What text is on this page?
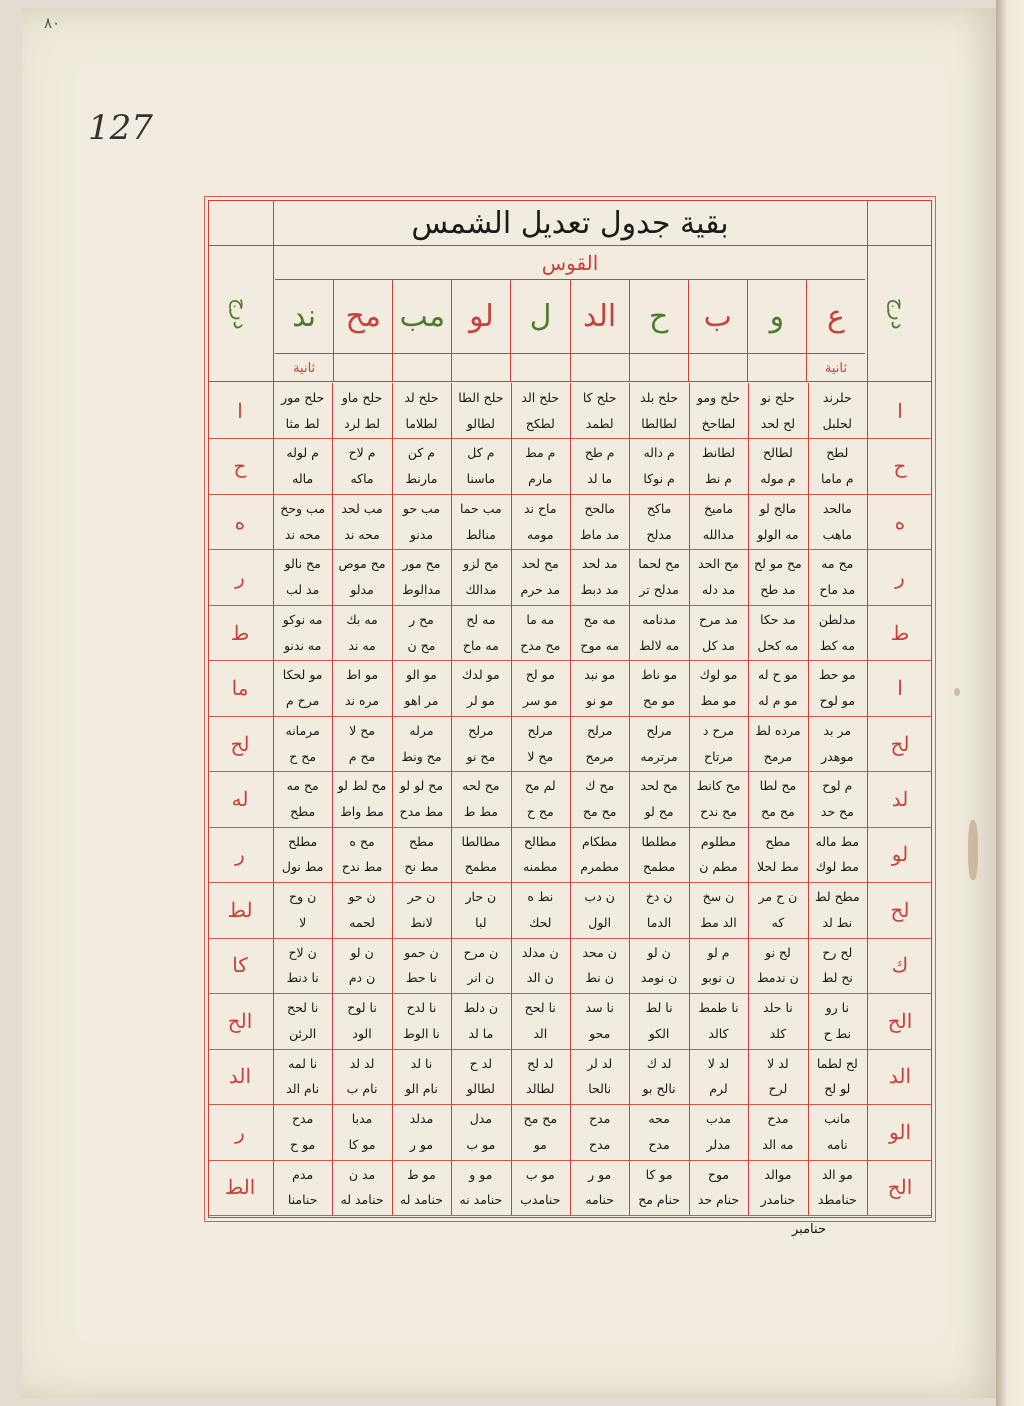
٨٠
127
بقية جدول تعديل الشمس
درج
درج
القوس
ع
و
ب
ح
الد
ل
لو
مب
مح
ند
ثانية
ثانية
ا
ا
حلرند
لحلبل
حلح نو
لح لحد
حلح ومو
لطاحخ
حلح بلد
لطالطا
حلح كا
لطمد
حلح الد
لطكح
حلح الطا
لطالو
حلح لد
لطلاما
حلح ماو
لط لرد
حلح مور
لط مثا
ح
ح
لطح
م ماما
لطالح
م موله
لطانط
م نط
م داله
م نوكا
م طح
ما لد
م مط
مارم
م كل
ماسنا
م كن
مارنط
م لاح
ماكه
م لوله
ماله
ه
ه
مالحد
ماهب
مالح لو
مه الولو
ماميخ
مدالله
ماكح
مدلح
مالحح
مد ماط
ماح ند
مومه
مب حما
منالط
مب حو
مدنو
مب لحد
محه ند
مب وحخ
محه ند
ر
ر
مح مه
مد ماح
مح مو لح
مد طح
مح الحد
مد دله
مح لحما
مدلح تر
مد لحد
مد دبط
مح لحد
مد حرم
مح لزو
مدالك
مح مور
مدالوط
مح موص
مدلو
مح نالو
مد لب
ط
ط
مدلطن
مه كط
مد حكا
مه كحل
مد مرح
مد كل
مدنامه
مه لالط
مه مح
مه موح
مه ما
مح مدح
مه لح
مه ماح
مح ر
مح ن
مه بك
مه ند
مه نوكو
مه ندنو
ا
ما
مو حط
مو لوح
مو ح له
مو م له
مو لوك
مو مط
مو ناط
مو مح
مو نبد
مو نو
مو لح
مو سر
مو لدك
مو لر
مو الو
مر اهو
مو اط
مره ند
مو لحكا
مرح م
لح
لح
مر بد
موهدر
مرده لط
مرمح
مرح د
مرتاح
مرلح
مرترمه
مرلح
مرمح
مرلح
مح لا
مرلح
مح نو
مرله
مح ونط
مح لا
مح م
مرمانه
مح ح
لد
له
م لوح
مح حد
مح لطا
مح مح
مح كانط
مح ندح
مح لحد
مح لو
مح ك
مح مح
لم مح
مح ح
مح لحه
مط ط
مح لو لو
مط مدح
مح لط لو
مط واط
مح مه
مطح
لو
ر
مط ماله
مط لوك
مطح
مط لحلا
مطلوم
مطم ن
مطلطا
مطمح
مطكام
مطمرم
مطالح
مطمنه
مطالطا
مطمح
مطح
مط نح
مح ه
مط ندح
مطلح
مط نول
لح
لط
مطح لط
نط لد
ن ح مر
كه
ن سخ
الد مط
ن دخ
الدما
ن دب
الول
نط ه
لحك
ن حار
لبا
ن حر
لانط
ن حو
لحمه
ن وح
لا
ك
كا
لح رح
نح لط
لح نو
ن ندمط
م لو
ن نوبو
ن لو
ن نومد
ن محد
ن نط
ن مدلد
ن الد
ن مرح
ن انر
ن حمو
نا حط
ن لو
ن دم
ن لاح
نا دنط
الح
الح
نا رو
نط ح
نا حلد
كلد
نا طمط
كالد
نا لط
الكو
نا سد
محو
نا لحح
الد
ن دلط
ما لد
نا لدح
نا الوط
نا لوح
الود
نا لحح
الرئن
الد
الد
لح لطما
لو لح
لد لا
لرح
لد لا
لرم
لد ك
نالح بو
لد لر
نالحا
لد لح
لطالد
لد ح
لطالو
نا لد
نام الو
لد لد
نام ب
نا لمه
نام الد
الو
ر
مانب
نامه
مدح
مه الد
مدب
مدلر
محه
مدح
مدح
مدح
مح مح
مو
مدل
مو ب
مدلد
مو ر
مدبا
مو كا
مدح
مو ح
الح
الط
مو الد
حنامطد
موالد
حنامدر
موح
حنام حد
مو كا
حنام مح
مو ر
حنامه
مو ب
حنامدب
مو و
حنامد نه
مو ط
حنامد له
مد ن
حنامد له
مدم
حنامنا
حنامبر
